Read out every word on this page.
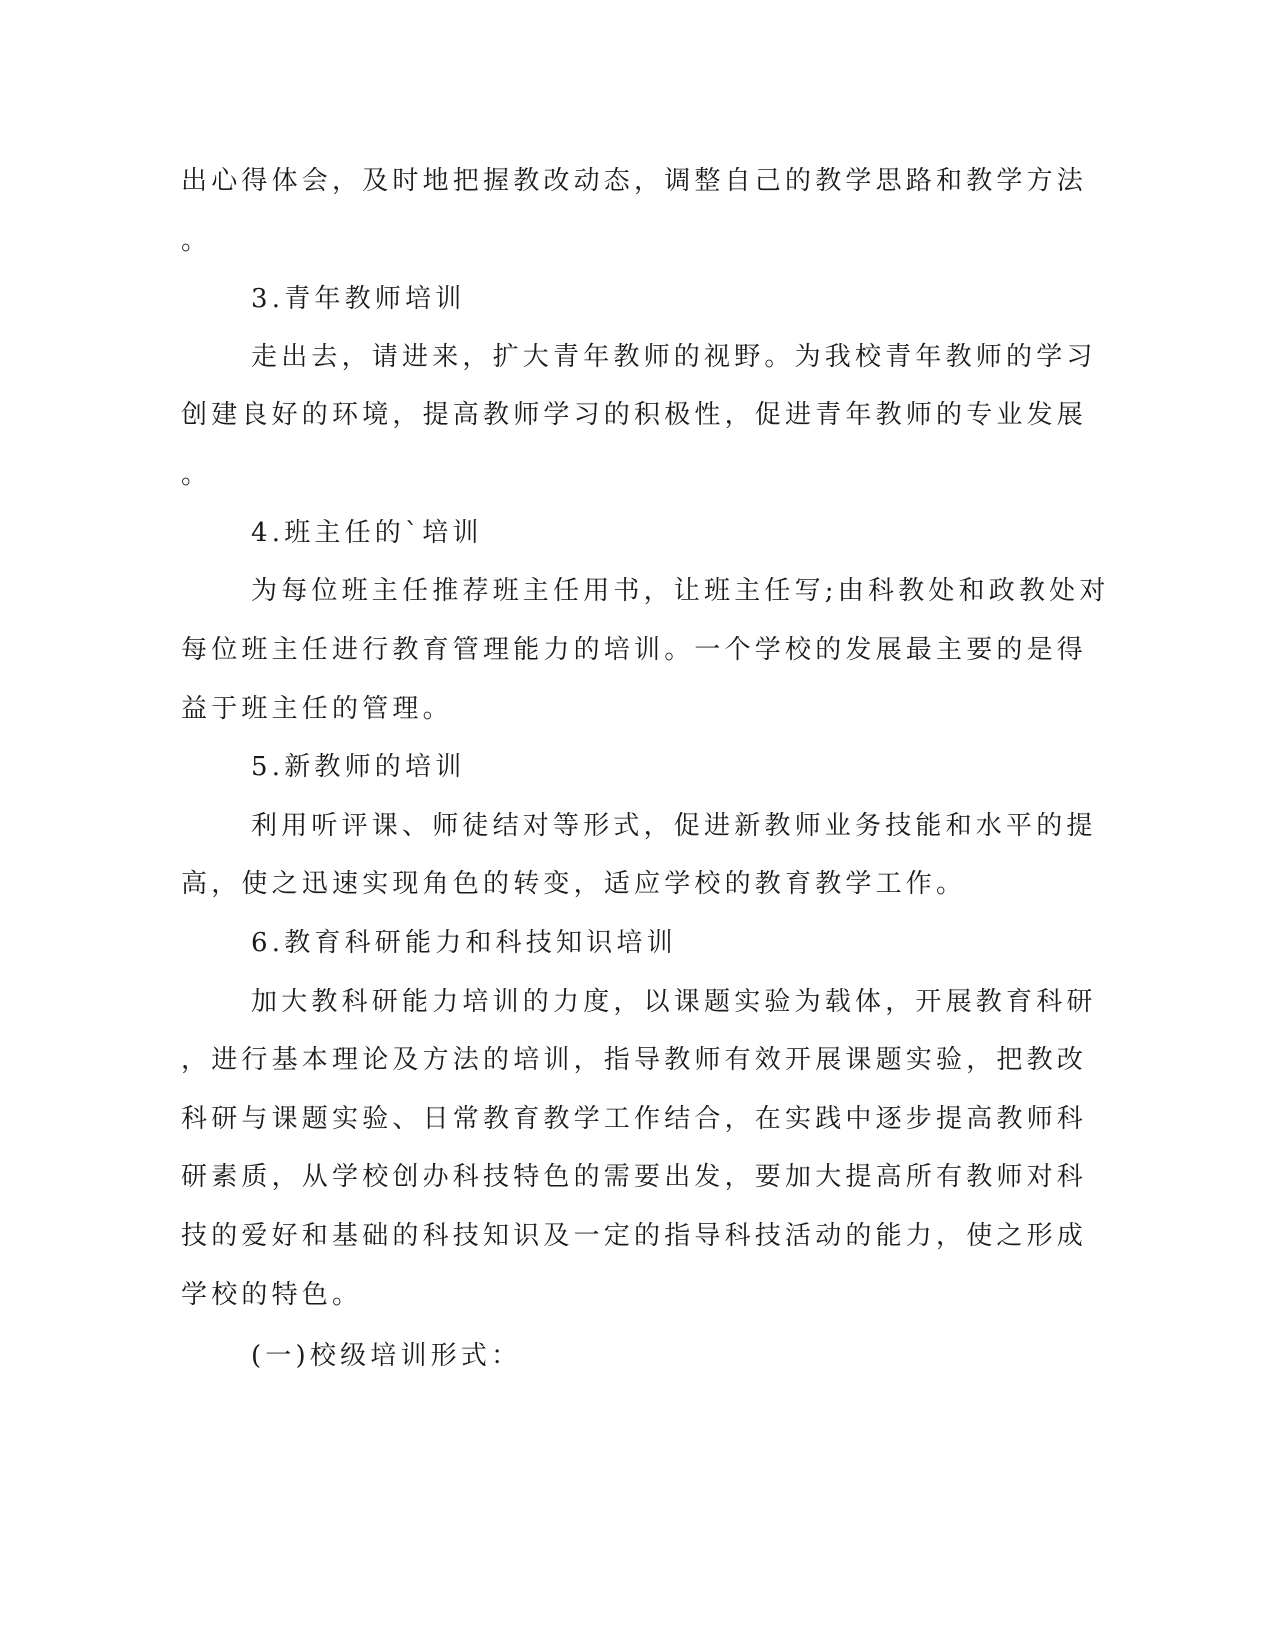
出心得体会，及时地把握教改动态，调整自己的教学思路和教学方法
。
3.青年教师培训
走出去，请进来，扩大青年教师的视野。为我校青年教师的学习
创建良好的环境，提高教师学习的积极性，促进青年教师的专业发展
。
4.班主任的`培训
为每位班主任推荐班主任用书，让班主任写;由科教处和政教处对
每位班主任进行教育管理能力的培训。一个学校的发展最主要的是得
益于班主任的管理。
5.新教师的培训
利用听评课、师徒结对等形式，促进新教师业务技能和水平的提
高，使之迅速实现角色的转变，适应学校的教育教学工作。
6.教育科研能力和科技知识培训
加大教科研能力培训的力度，以课题实验为载体，开展教育科研
，进行基本理论及方法的培训，指导教师有效开展课题实验，把教改
科研与课题实验、日常教育教学工作结合，在实践中逐步提高教师科
研素质，从学校创办科技特色的需要出发，要加大提高所有教师对科
技的爱好和基础的科技知识及一定的指导科技活动的能力，使之形成
学校的特色。
(一)校级培训形式：
